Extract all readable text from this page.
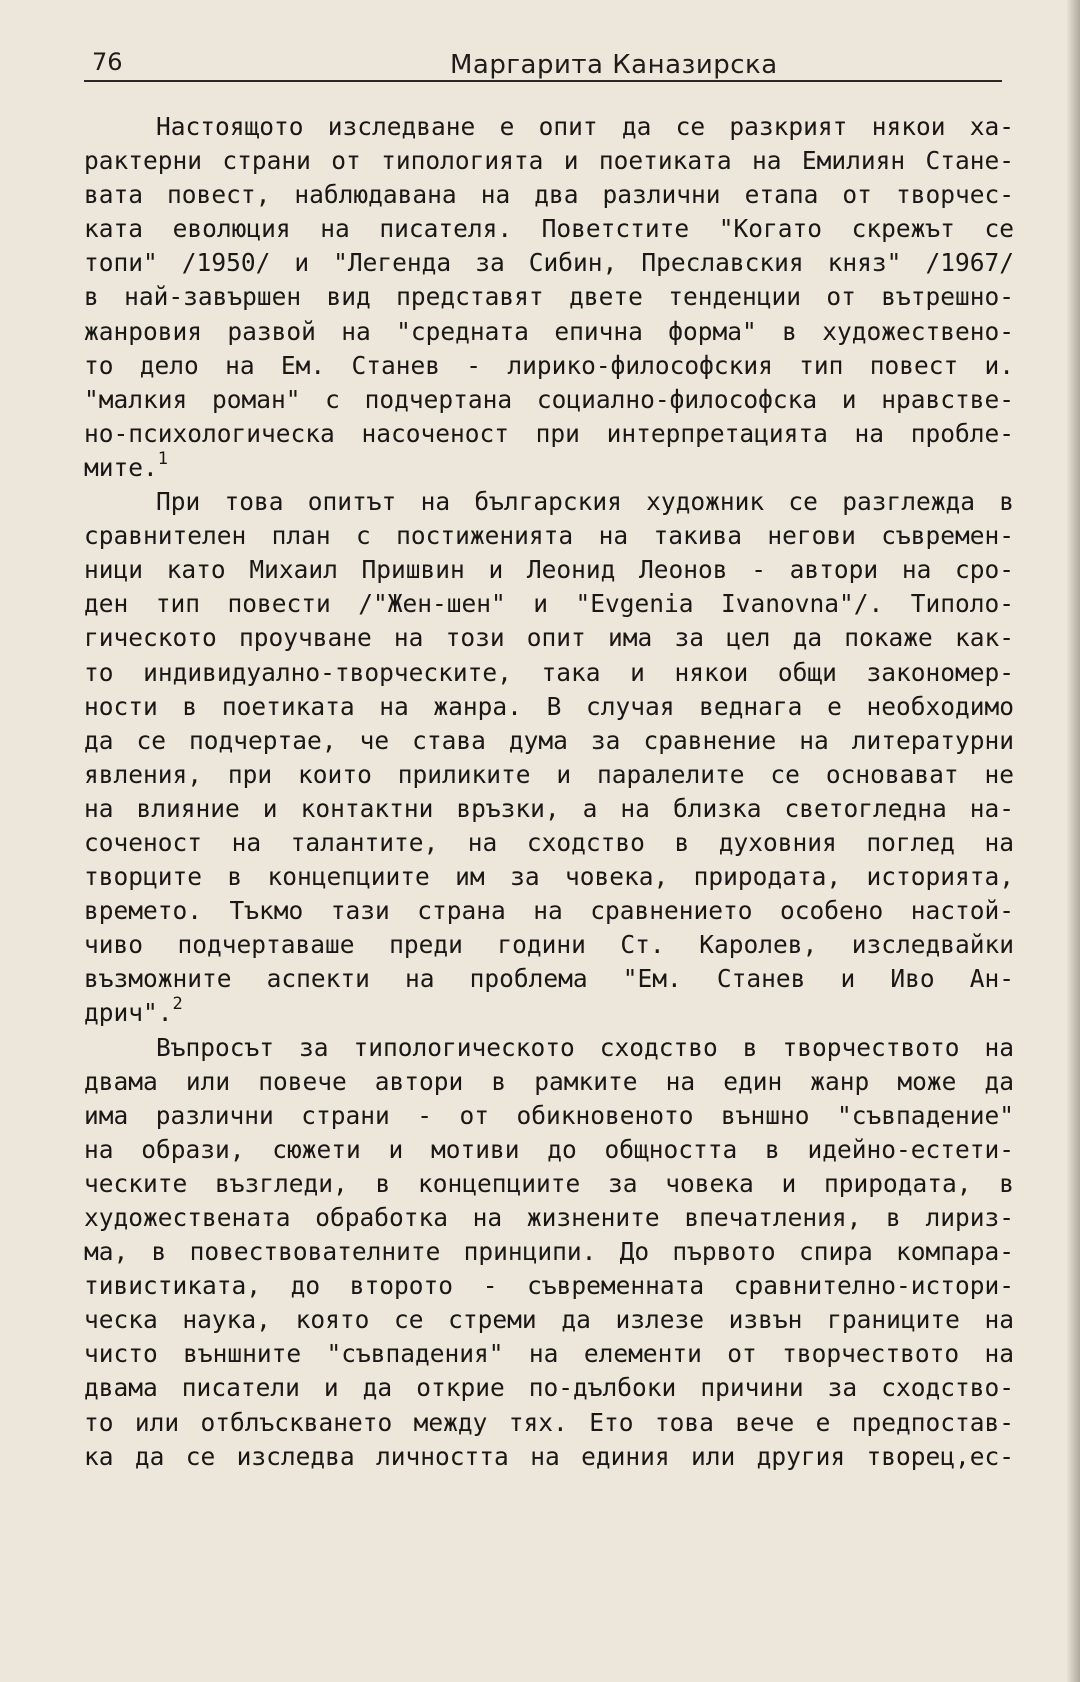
76	Маргарита Каназирска
Настоящото изследване е опит да се разкрият някои ха-
рактерни страни от типологията и поетиката на Емилиян Стане-
вата повест, наблюдавана на два различни етапа от творчес-
ката еволюция на писателя. Поветстите "Когато скрежът се
топи" /1950/ и "Легенда за Сибин, Преславския княз" /1967/
в най-завършен вид представят двете тенденции от вътрешно-
жанровия развой на "средната епична форма" в художествено-
то дело на Ем. Станев - лирико-философския тип повест и.
"малкия роман" с подчертана социално-философска и нравстве-
но-психологическа насоченост при интерпретацията на пробле-
мите.$^1$
При това опитът на българския художник се разглежда в
сравнителен план с постиженията на такива негови съвремен-
ници като Михаил Пришвин и Леонид Леонов - автори на сро-
ден тип повести /"Жен-шен" и "Evgenia Ivanovna"/. Типоло-
гическото проучване на този опит има за цел да покаже как-
то индивидуално-творческите, така и някои общи закономер-
ности в поетиката на жанра. В случая веднага е необходимо
да се подчертае, че става дума за сравнение на литературни
явления, при които приликите и паралелите се основават не
на влияние и контактни връзки, а на близка светогледна на-
соченост на талантите, на сходство в духовния поглед на
творците в концепциите им за човека, природата, историята,
времето. Тъкмо тази страна на сравнението особено настой-
чиво подчертаваше преди години Ст. Каролев, изследвайки
възможните аспекти на проблема "Ем. Станев и Иво Ан-
дрич".$^2$
Въпросът за типологическото сходство в творчеството на
двама или повече автори в рамките на един жанр може да
има различни страни - от обикновеното външно "съвпадение"
на образи, сюжети и мотиви до общността в идейно-естети-
ческите възгледи, в концепциите за човека и природата, в
художествената обработка на жизнените впечатления, в лириз-
ма, в повествователните принципи. До първото спира компара-
тивистиката, до второто - съвременната сравнително-истори-
ческа наука, която се стреми да излезе извън границите на
чисто външните "съвпадения" на елементи от творчеството на
двама писатели и да открие по-дълбоки причини за сходство-
то или отблъскването между тях. Ето това вече е предпостав-
ка да се изследва личността на единия или другия творец,ес-
